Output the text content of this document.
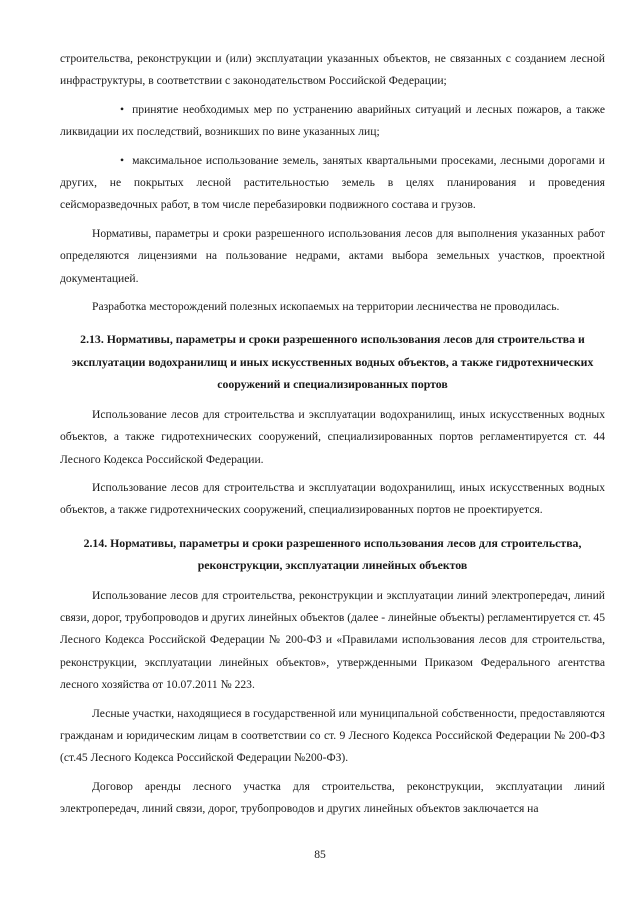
строительства, реконструкции и (или) эксплуатации указанных объектов, не связанных с созданием лесной инфраструктуры, в соответствии с законодательством Российской Федерации;

• принятие необходимых мер по устранению аварийных ситуаций и лесных пожаров, а также ликвидации их последствий, возникших по вине указанных лиц;

• максимальное использование земель, занятых квартальными просеками, лесными дорогами и других, не покрытых лесной растительностью земель в целях планирования и проведения сейсморазведочных работ, в том числе перебазировки подвижного состава и грузов.

Нормативы, параметры и сроки разрешенного использования лесов для выполнения указанных работ определяются лицензиями на пользование недрами, актами выбора земельных участков, проектной документацией.

Разработка месторождений полезных ископаемых на территории лесничества не проводилась.

2.13. Нормативы, параметры и сроки разрешенного использования лесов для строительства и эксплуатации водохранилищ и иных искусственных водных объектов, а также гидротехнических сооружений и специализированных портов

Использование лесов для строительства и эксплуатации водохранилищ, иных искусственных водных объектов, а также гидротехнических сооружений, специализированных портов регламентируется ст. 44 Лесного Кодекса Российской Федерации.

Использование лесов для строительства и эксплуатации водохранилищ, иных искусственных водных объектов, а также гидротехнических сооружений, специализированных портов не проектируется.

2.14. Нормативы, параметры и сроки разрешенного использования лесов для строительства, реконструкции, эксплуатации линейных объектов

Использование лесов для строительства, реконструкции и эксплуатации линий электропередач, линий связи, дорог, трубопроводов и других линейных объектов (далее - линейные объекты) регламентируется ст. 45 Лесного Кодекса Российской Федерации № 200-ФЗ и «Правилами использования лесов для строительства, реконструкции, эксплуатации линейных объектов», утвержденными Приказом Федерального агентства лесного хозяйства от 10.07.2011 № 223.

Лесные участки, находящиеся в государственной или муниципальной собственности, предоставляются гражданам и юридическим лицам в соответствии со ст. 9 Лесного Кодекса Российской Федерации № 200-ФЗ (ст.45 Лесного Кодекса Российской Федерации №200-ФЗ).

Договор аренды лесного участка для строительства, реконструкции, эксплуатации линий электропередач, линий связи, дорог, трубопроводов и других линейных объектов заключается на

85
